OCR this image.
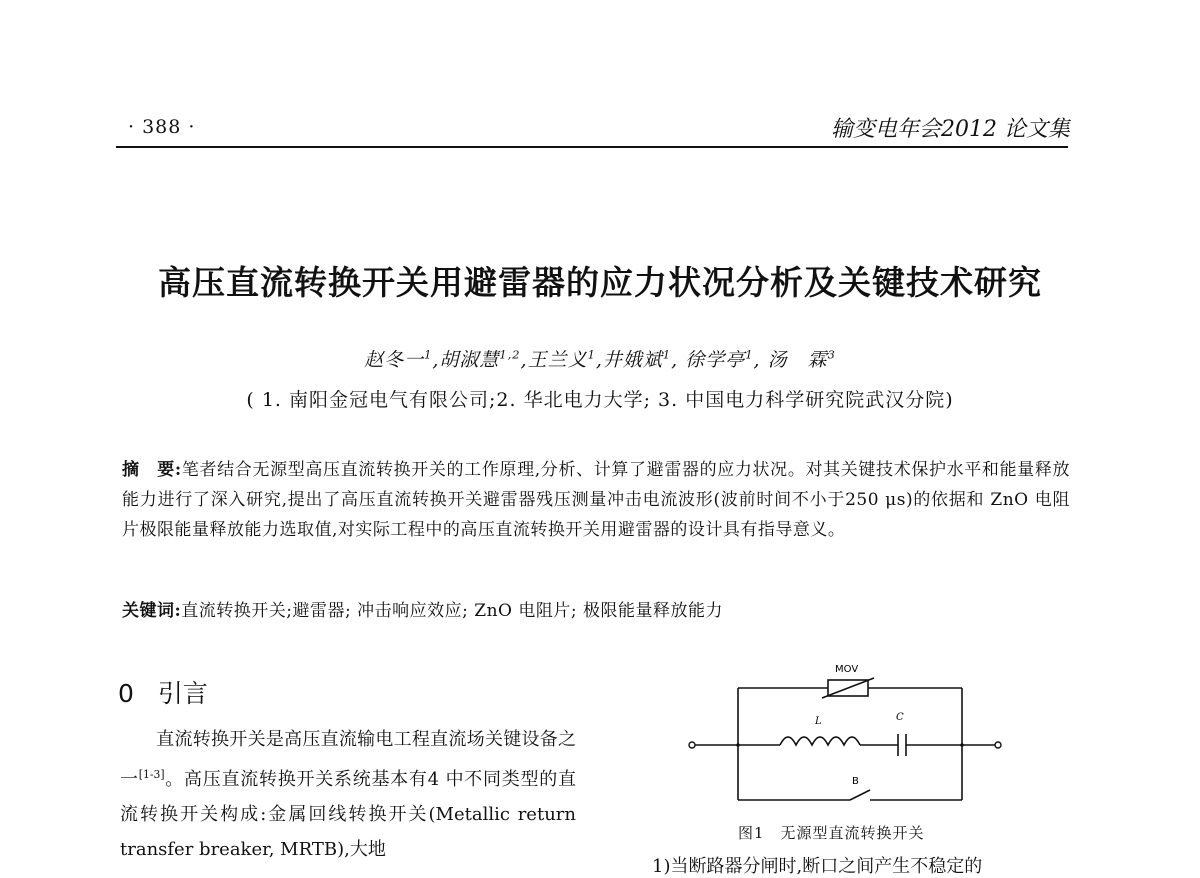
· 388 ·	输变电年会2012 论文集
高压直流转换开关用避雷器的应力状况分析及关键技术研究
赵冬一$^1$,胡淑慧$^{1,2}$,王兰义$^1$,井娥斌$^1$, 徐学亭$^1$, 汤　霖$^3$
( 1. 南阳金冠电气有限公司;2. 华北电力大学; 3. 中国电力科学研究院武汉分院)
摘　要:笔者结合无源型高压直流转换开关的工作原理,分析、计算了避雷器的应力状况。对其关键技术保护水平和能量释放能力进行了深入研究,提出了高压直流转换开关避雷器残压测量冲击电流波形(波前时间不小于250 μs)的依据和 ZnO 电阻片极限能量释放能力选取值,对实际工程中的高压直流转换开关用避雷器的设计具有指导意义。
关键词:直流转换开关;避雷器; 冲击响应效应; ZnO 电阻片; 极限能量释放能力
0 引言
直流转换开关是高压直流输电工程直流场关键设备之一[1-3]。高压直流转换开关系统基本有4 中不同类型的直流转换开关构成:金属回线转换开关(Metallic return transfer breaker, MRTB),大地
MOV
L	C
B
图1　无源型直流转换开关
1)当断路器分闸时,断口之间产生不稳定的
